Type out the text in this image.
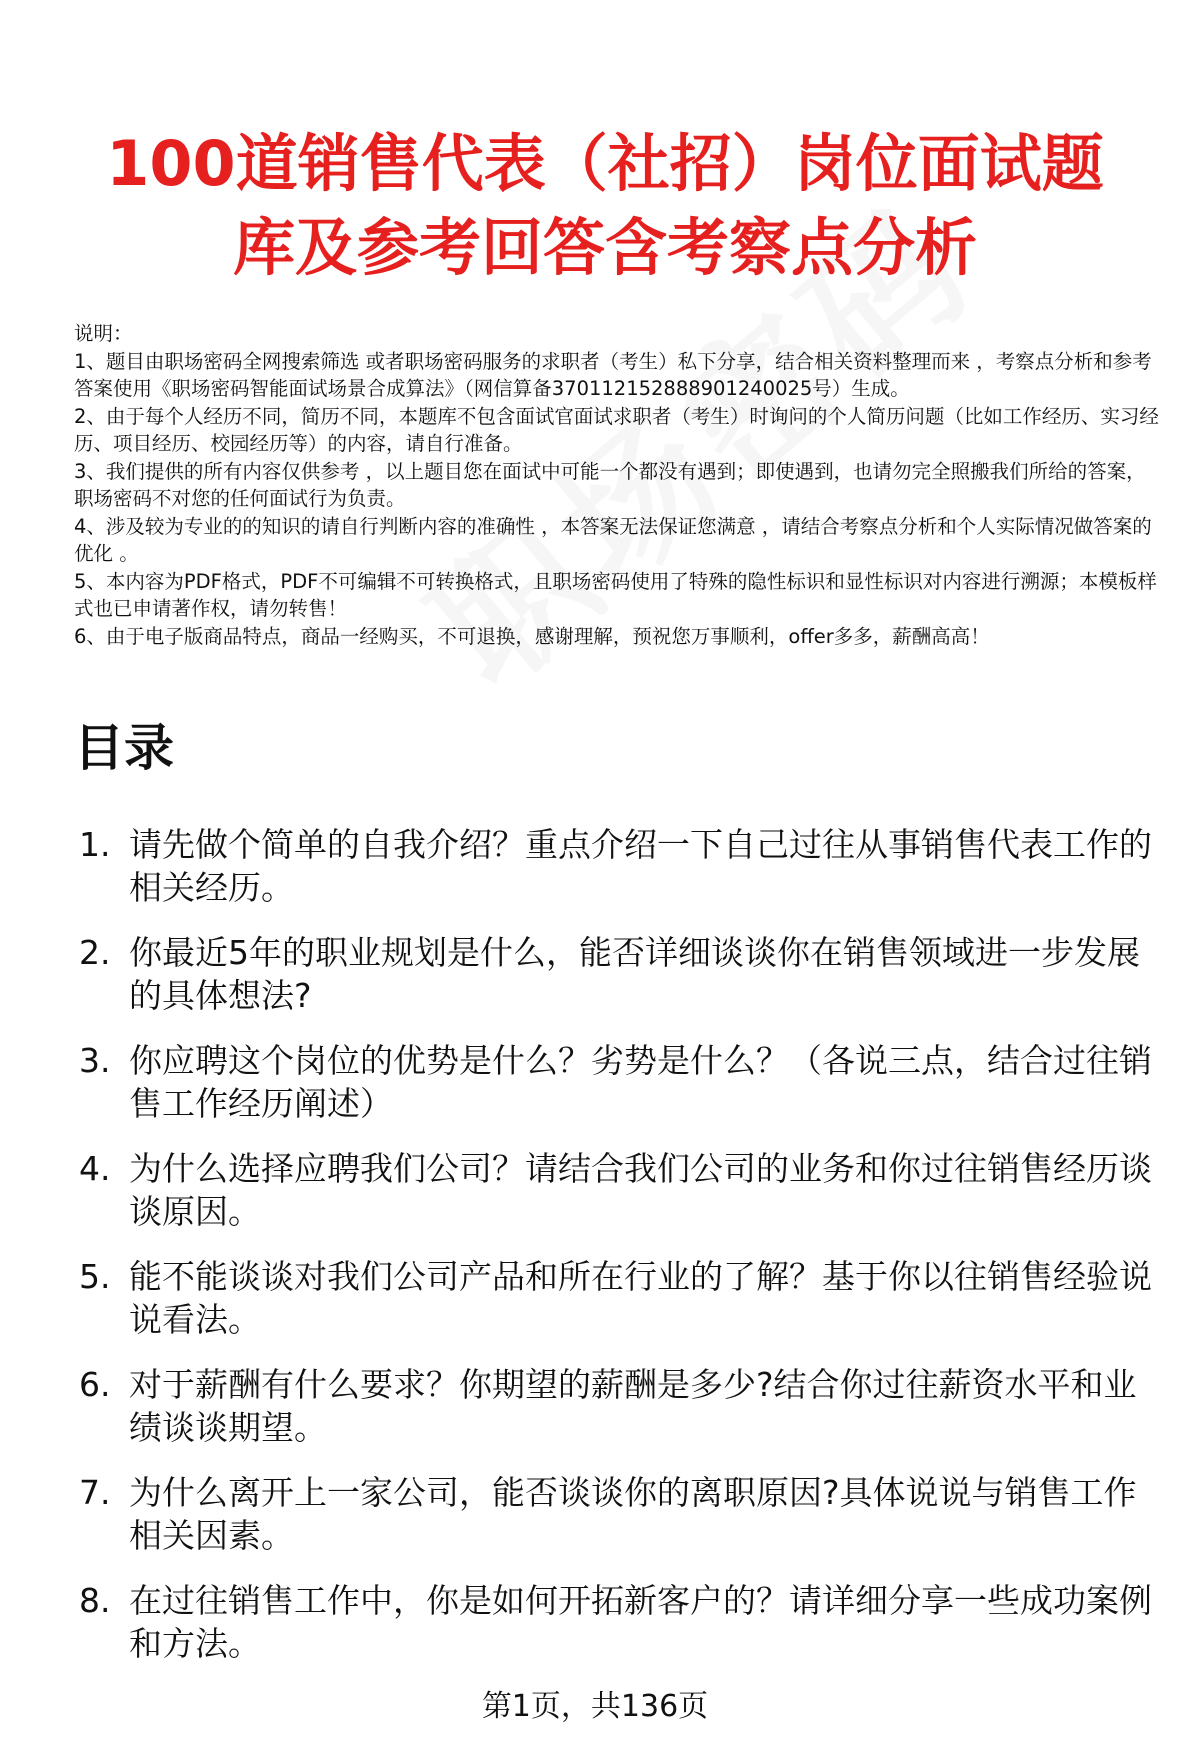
100道销售代表（社招）岗位面试题
库及参考回答含考察点分析
说明：
1、题目由职场密码全网搜索筛选 或者职场密码服务的求职者（考生）私下分享，结合相关资料整理而来 ，考察点分析和参考答案使用《职场密码智能面试场景合成算法》（网信算备370112152888901240025号）生成。
2、由于每个人经历不同，简历不同，本题库不包含面试官面试求职者（考生）时询问的个人简历问题（比如工作经历、实习经历、项目经历、校园经历等）的内容，请自行准备。
3、我们提供的所有内容仅供参考 ，以上题目您在面试中可能一个都没有遇到；即使遇到，也请勿完全照搬我们所给的答案，职场密码不对您的任何面试行为负责。
4、涉及较为专业的的知识的请自行判断内容的准确性 ，本答案无法保证您满意 ，请结合考察点分析和个人实际情况做答案的优化 。
5、本内容为PDF格式，PDF不可编辑不可转换格式，且职场密码使用了特殊的隐性标识和显性标识对内容进行溯源；本模板样式也已申请著作权，请勿转售！
6、由于电子版商品特点，商品一经购买，不可退换，感谢理解，预祝您万事顺利，offer多多，薪酬高高！
目录
1. 请先做个简单的自我介绍？重点介绍一下自己过往从事销售代表工作的相关经历。
2. 你最近5年的职业规划是什么，能否详细谈谈你在销售领域进一步发展的具体想法?
3. 你应聘这个岗位的优势是什么？劣势是什么？（各说三点，结合过往销售工作经历阐述）
4. 为什么选择应聘我们公司？请结合我们公司的业务和你过往销售经历谈谈原因。
5. 能不能谈谈对我们公司产品和所在行业的了解？基于你以往销售经验说说看法。
6. 对于薪酬有什么要求？你期望的薪酬是多少?结合你过往薪资水平和业绩谈谈期望。
7. 为什么离开上一家公司，能否谈谈你的离职原因?具体说说与销售工作相关因素。
8. 在过往销售工作中，你是如何开拓新客户的？请详细分享一些成功案例和方法。
第1页，共136页
